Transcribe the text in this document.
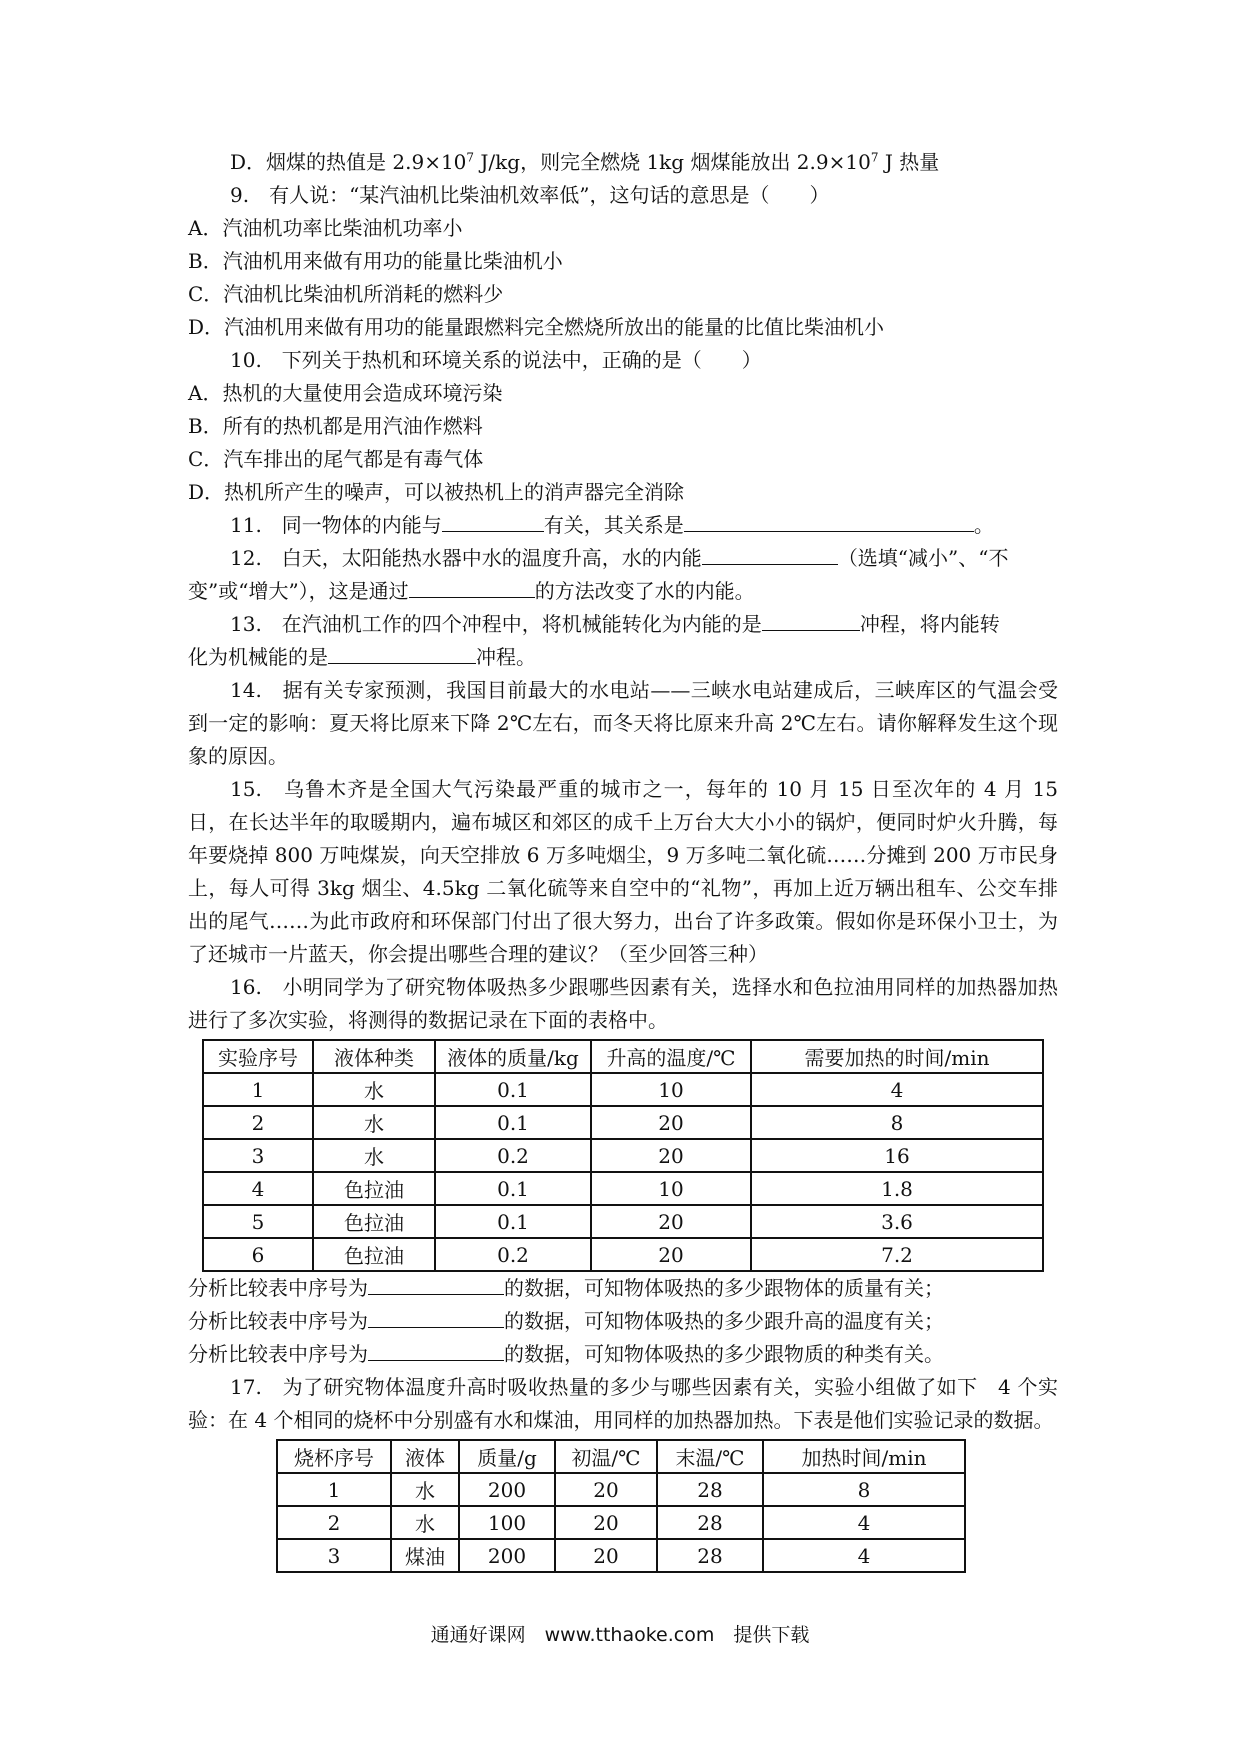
D．烟煤的热值是 $2.9\times 10^7$ J/kg，则完全燃烧 1kg 烟煤能放出 $2.9\times 10^7$ J 热量
9.　有人说：“某汽油机比柴油机效率低”，这句话的意思是（　　）
A．汽油机功率比柴油机功率小
B．汽油机用来做有用功的能量比柴油机小
C．汽油机比柴油机所消耗的燃料少
D．汽油机用来做有用功的能量跟燃料完全燃烧所放出的能量的比值比柴油机小
10.　下列关于热机和环境关系的说法中，正确的是（　　）
A．热机的大量使用会造成环境污染
B．所有的热机都是用汽油作燃料
C．汽车排出的尾气都是有毒气体
D．热机所产生的噪声，可以被热机上的消声器完全消除
11.　同一物体的内能与	有关，其关系是	。
12.　白天，太阳能热水器中水的温度升高，水的内能	（选填“减小”、“不
变”或“增大”），这是通过	的方法改变了水的内能。
13.　在汽油机工作的四个冲程中，将机械能转化为内能的是	冲程，将内能转
化为机械能的是	冲程。
14.　据有关专家预测，我国目前最大的水电站——三峡水电站建成后，三峡库区的气温会受到一定的影响：夏天将比原来下降 2℃左右，而冬天将比原来升高 2℃左右。请你解释发生这个现象的原因。
15.　乌鲁木齐是全国大气污染最严重的城市之一，每年的 10 月 15 日至次年的 4 月 15 日，在长达半年的取暖期内，遍布城区和郊区的成千上万台大大小小的锅炉，便同时炉火升腾，每年要烧掉 800 万吨煤炭，向天空排放 6 万多吨烟尘，9 万多吨二氧化硫……分摊到 200 万市民身上，每人可得 3kg 烟尘、4.5kg 二氧化硫等来自空中的“礼物”，再加上近万辆出租车、公交车排出的尾气……为此市政府和环保部门付出了很大努力，出台了许多政策。假如你是环保小卫士，为了还城市一片蓝天，你会提出哪些合理的建议？（至少回答三种）
16.　小明同学为了研究物体吸热多少跟哪些因素有关，选择水和色拉油用同样的加热器加热进行了多次实验，将测得的数据记录在下面的表格中。
实验序号	液体种类	液体的质量/kg	升高的温度/℃	需要加热的时间/min
1	水	0.1	10	4
2	水	0.1	20	8
3	水	0.2	20	16
4	色拉油	0.1	10	1.8
5	色拉油	0.1	20	3.6
6	色拉油	0.2	20	7.2
分析比较表中序号为	的数据，可知物体吸热的多少跟物体的质量有关；
分析比较表中序号为	的数据，可知物体吸热的多少跟升高的温度有关；
分析比较表中序号为	的数据，可知物体吸热的多少跟物质的种类有关。
17.　为了研究物体温度升高时吸收热量的多少与哪些因素有关，实验小组做了如下　4 个实验：在 4 个相同的烧杯中分别盛有水和煤油，用同样的加热器加热。下表是他们实验记录的数据。
烧杯序号	液体	质量/g	初温/℃	末温/℃	加热时间/min
1	水	200	20	28	8
2	水	100	20	28	4
3	煤油	200	20	28	4
通通好课网　www.tthaoke.com　提供下载
